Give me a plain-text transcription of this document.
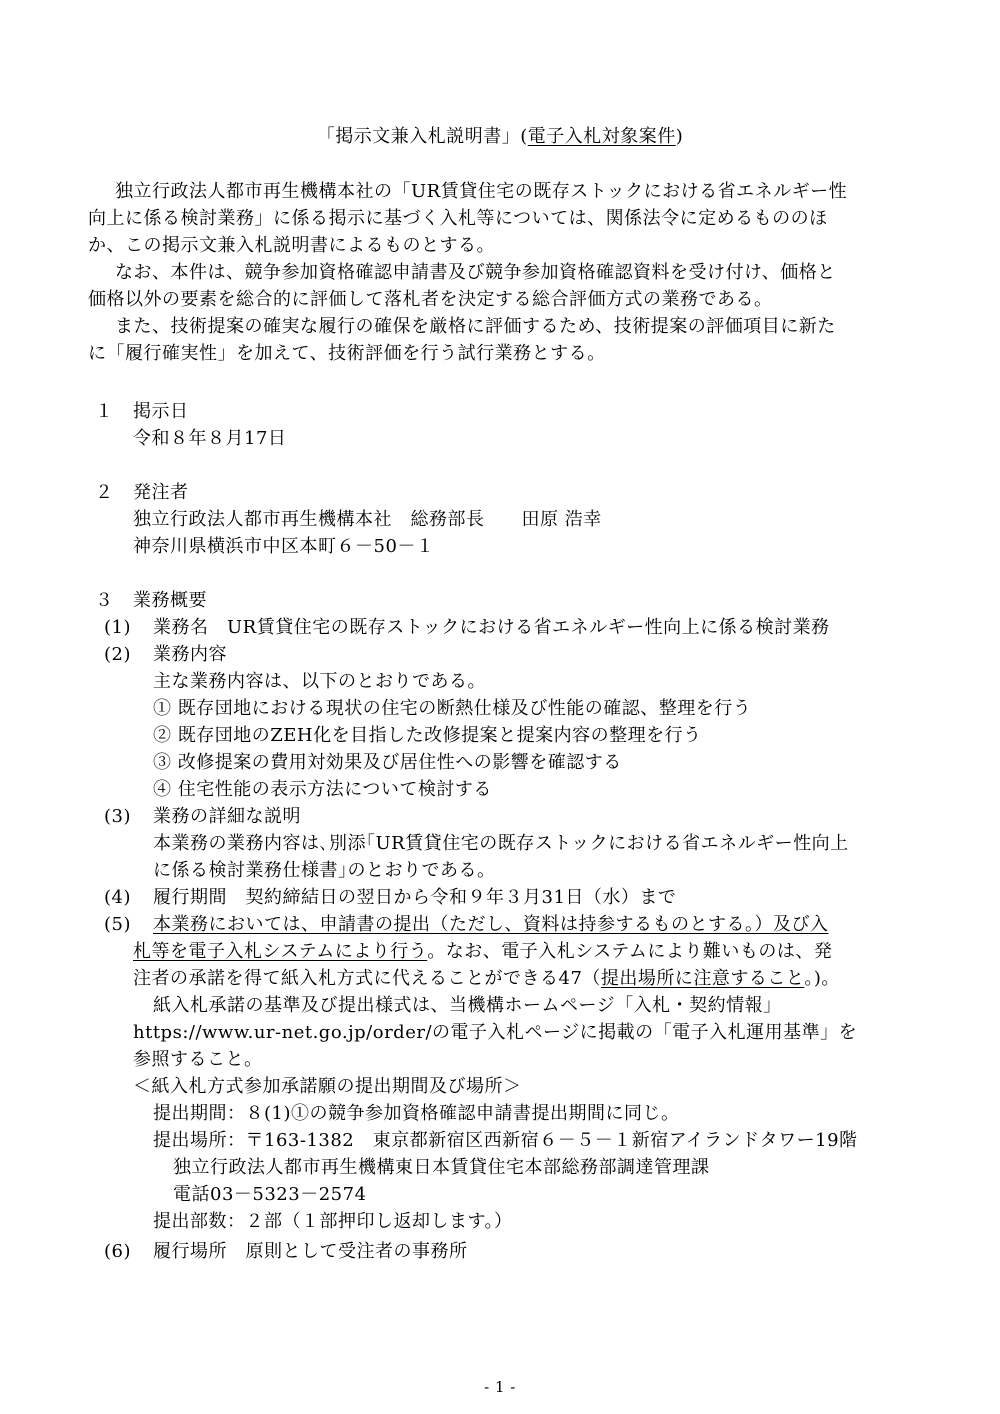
「掲示文兼入札説明書」(電子入札対象案件)
独立行政法人都市再生機構本社の「UR賃貸住宅の既存ストックにおける省エネルギー性
向上に係る検討業務」に係る掲示に基づく入札等については、関係法令に定めるもののほ
か、この掲示文兼入札説明書によるものとする。
なお、本件は、競争参加資格確認申請書及び競争参加資格確認資料を受け付け、価格と
価格以外の要素を総合的に評価して落札者を決定する総合評価方式の業務である。
また、技術提案の確実な履行の確保を厳格に評価するため、技術提案の評価項目に新た
に「履行確実性」を加えて、技術評価を行う試行業務とする。
１ 掲示日
令和８年８月17日
２ 発注者
独立行政法人都市再生機構本社　総務部長　　田原 浩幸
神奈川県横浜市中区本町６－50－１
３ 業務概要
(1) 業務名　UR賃貸住宅の既存ストックにおける省エネルギー性向上に係る検討業務
(2) 業務内容
主な業務内容は、以下のとおりである。
① 既存団地における現状の住宅の断熱仕様及び性能の確認、整理を行う
② 既存団地のZEH化を目指した改修提案と提案内容の整理を行う
③ 改修提案の費用対効果及び居住性への影響を確認する
④ 住宅性能の表示方法について検討する
(3) 業務の詳細な説明
本業務の業務内容は､別添｢UR賃貸住宅の既存ストックにおける省エネルギー性向上
に係る検討業務仕様書｣のとおりである。
(4) 履行期間　契約締結日の翌日から令和９年３月31日（水）まで
(5) 本業務においては、申請書の提出（ただし、資料は持参するものとする。）及び入
札等を電子入札システムにより行う。なお、電子入札システムにより難いものは、発
注者の承諾を得て紙入札方式に代えることができる47（提出場所に注意すること。)。
紙入札承諾の基準及び提出様式は、当機構ホームページ「入札・契約情報」
https://www.ur-net.go.jp/order/の電子入札ページに掲載の「電子入札運用基準」を
参照すること。
＜紙入札方式参加承諾願の提出期間及び場所＞
提出期間：８(1)①の競争参加資格確認申請書提出期間に同じ。
提出場所：〒163-1382　東京都新宿区西新宿６－５－１新宿アイランドタワー19階
独立行政法人都市再生機構東日本賃貸住宅本部総務部調達管理課
電話03－5323－2574
提出部数：２部（１部押印し返却します。）
(6) 履行場所　原則として受注者の事務所
- 1 -
